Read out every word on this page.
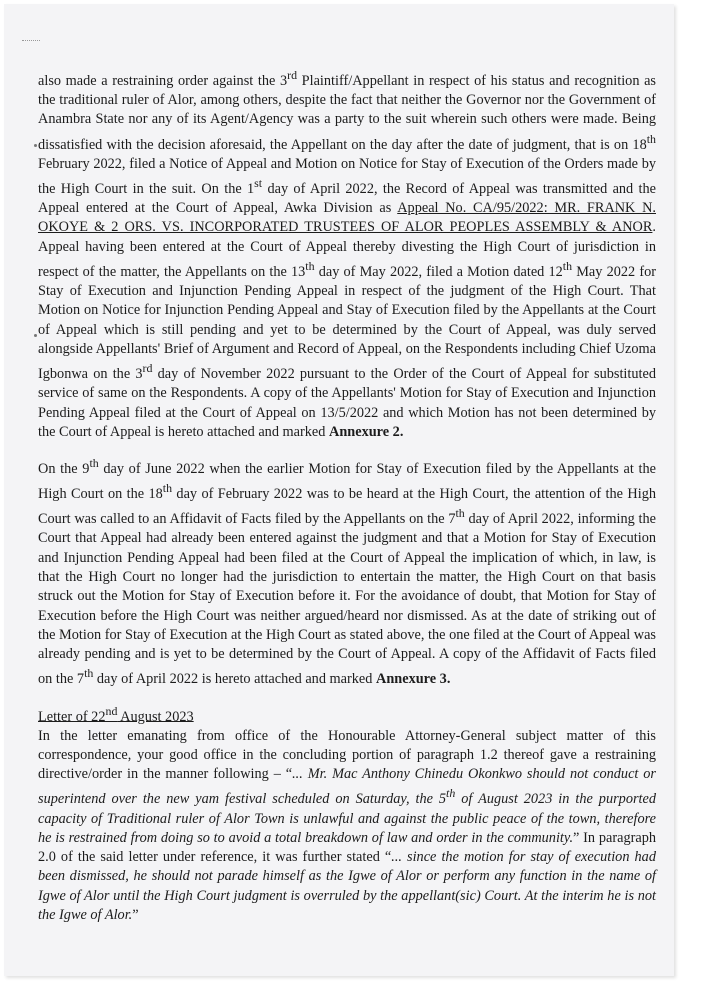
also made a restraining order against the 3rd Plaintiff/Appellant in respect of his status and recognition as the traditional ruler of Alor, among others, despite the fact that neither the Governor nor the Government of Anambra State nor any of its Agent/Agency was a party to the suit wherein such others were made. Being dissatisfied with the decision aforesaid, the Appellant on the day after the date of judgment, that is on 18th February 2022, filed a Notice of Appeal and Motion on Notice for Stay of Execution of the Orders made by the High Court in the suit. On the 1st day of April 2022, the Record of Appeal was transmitted and the Appeal entered at the Court of Appeal, Awka Division as Appeal No. CA/95/2022: MR. FRANK N. OKOYE & 2 ORS. VS. INCORPORATED TRUSTEES OF ALOR PEOPLES ASSEMBLY & ANOR. Appeal having been entered at the Court of Appeal thereby divesting the High Court of jurisdiction in respect of the matter, the Appellants on the 13th day of May 2022, filed a Motion dated 12th May 2022 for Stay of Execution and Injunction Pending Appeal in respect of the judgment of the High Court. That Motion on Notice for Injunction Pending Appeal and Stay of Execution filed by the Appellants at the Court of Appeal which is still pending and yet to be determined by the Court of Appeal, was duly served alongside Appellants' Brief of Argument and Record of Appeal, on the Respondents including Chief Uzoma Igbonwa on the 3rd day of November 2022 pursuant to the Order of the Court of Appeal for substituted service of same on the Respondents. A copy of the Appellants' Motion for Stay of Execution and Injunction Pending Appeal filed at the Court of Appeal on 13/5/2022 and which Motion has not been determined by the Court of Appeal is hereto attached and marked Annexure 2.

On the 9th day of June 2022 when the earlier Motion for Stay of Execution filed by the Appellants at the High Court on the 18th day of February 2022 was to be heard at the High Court, the attention of the High Court was called to an Affidavit of Facts filed by the Appellants on the 7th day of April 2022, informing the Court that Appeal had already been entered against the judgment and that a Motion for Stay of Execution and Injunction Pending Appeal had been filed at the Court of Appeal the implication of which, in law, is that the High Court no longer had the jurisdiction to entertain the matter, the High Court on that basis struck out the Motion for Stay of Execution before it. For the avoidance of doubt, that Motion for Stay of Execution before the High Court was neither argued/heard nor dismissed. As at the date of striking out of the Motion for Stay of Execution at the High Court as stated above, the one filed at the Court of Appeal was already pending and is yet to be determined by the Court of Appeal. A copy of the Affidavit of Facts filed on the 7th day of April 2022 is hereto attached and marked Annexure 3.

Letter of 22nd August 2023

In the letter emanating from office of the Honourable Attorney-General subject matter of this correspondence, your good office in the concluding portion of paragraph 1.2 thereof gave a restraining directive/order in the manner following – “... Mr. Mac Anthony Chinedu Okonkwo should not conduct or superintend over the new yam festival scheduled on Saturday, the 5th of August 2023 in the purported capacity of Traditional ruler of Alor Town is unlawful and against the public peace of the town, therefore he is restrained from doing so to avoid a total breakdown of law and order in the community.” In paragraph 2.0 of the said letter under reference, it was further stated “... since the motion for stay of execution had been dismissed, he should not parade himself as the Igwe of Alor or perform any function in the name of Igwe of Alor until the High Court judgment is overruled by the appellant(sic) Court. At the interim he is not the Igwe of Alor.”
